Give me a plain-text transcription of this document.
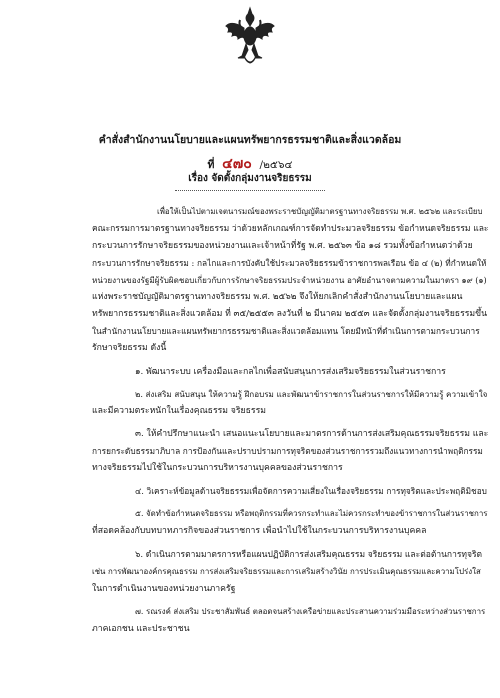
คำสั่งสำนักงานนโยบายและแผนทรัพยากรธรรมชาติและสิ่งแวดล้อม
ที่ ๔๗๐ /๒๕๖๔
เรื่อง จัดตั้งกลุ่มงานจริยธรรม
เพื่อให้เป็นไปตามเจตนารมณ์ของพระราชบัญญัติมาตรฐานทางจริยธรรม พ.ศ. ๒๕๖๒ และระเบียบ
คณะกรรมการมาตรฐานทางจริยธรรม ว่าด้วยหลักเกณฑ์การจัดทำประมวลจริยธรรม ข้อกำหนดจริยธรรม และ
กระบวนการรักษาจริยธรรมของหน่วยงานและเจ้าหน้าที่รัฐ พ.ศ. ๒๕๖๓ ข้อ ๑๘ รวมทั้งข้อกำหนดว่าด้วย
กระบวนการรักษาจริยธรรม : กลไกและการบังคับใช้ประมวลจริยธรรมข้าราชการพลเรือน ข้อ ๔ (๒) ที่กำหนดให้
หน่วยงานของรัฐมีผู้รับผิดชอบเกี่ยวกับการรักษาจริยธรรมประจำหน่วยงาน อาศัยอำนาจตามความในมาตรา ๑๙ (๑)
แห่งพระราชบัญญัติมาตรฐานทางจริยธรรม พ.ศ. ๒๕๖๒ จึงให้ยกเลิกคำสั่งสำนักงานนโยบายและแผน
ทรัพยากรธรรมชาติและสิ่งแวดล้อม ที่ ๓๕/๒๕๕๓ ลงวันที่ ๒ มีนาคม ๒๕๕๓ และจัดตั้งกลุ่มงานจริยธรรมขึ้น
ในสำนักงานนโยบายและแผนทรัพยากรธรรมชาติและสิ่งแวดล้อมแทน โดยมีหน้าที่ดำเนินการตามกระบวนการ
รักษาจริยธรรม ดังนี้
๑. พัฒนาระบบ เครื่องมือและกลไกเพื่อสนับสนุนการส่งเสริมจริยธรรมในส่วนราชการ
๒. ส่งเสริม สนับสนุน ให้ความรู้ ฝึกอบรม และพัฒนาข้าราชการในส่วนราชการให้มีความรู้ ความเข้าใจ
และมีความตระหนักในเรื่องคุณธรรม จริยธรรม
๓. ให้คำปรึกษาแนะนำ เสนอแนะนโยบายและมาตรการด้านการส่งเสริมคุณธรรมจริยธรรม และ
การยกระดับธรรมาภิบาล การป้องกันและปราบปรามการทุจริตของส่วนราชการรวมถึงแนวทางการนำพฤติกรรม
ทางจริยธรรมไปใช้ในกระบวนการบริหารงานบุคคลของส่วนราชการ
๔. วิเคราะห์ข้อมูลด้านจริยธรรมเพื่อจัดการความเสี่ยงในเรื่องจริยธรรม การทุจริตและประพฤติมิชอบ
๕. จัดทำข้อกำหนดจริยธรรม หรือพฤติกรรมที่ควรกระทำและไม่ควรกระทำของข้าราชการในส่วนราชการ
ที่สอดคล้องกับบทบาทภารกิจของส่วนราชการ เพื่อนำไปใช้ในกระบวนการบริหารงานบุคคล
๖. ดำเนินการตามมาตรการหรือแผนปฏิบัติการส่งเสริมคุณธรรม จริยธรรม และต่อต้านการทุจริต
เช่น การพัฒนาองค์กรคุณธรรม การส่งเสริมจริยธรรมและการเสริมสร้างวินัย การประเมินคุณธรรมและความโปร่งใส
ในการดำเนินงานของหน่วยงานภาครัฐ
๗. รณรงค์ ส่งเสริม ประชาสัมพันธ์ ตลอดจนสร้างเครือข่ายและประสานความร่วมมือระหว่างส่วนราชการ
ภาคเอกชน และประชาชน
